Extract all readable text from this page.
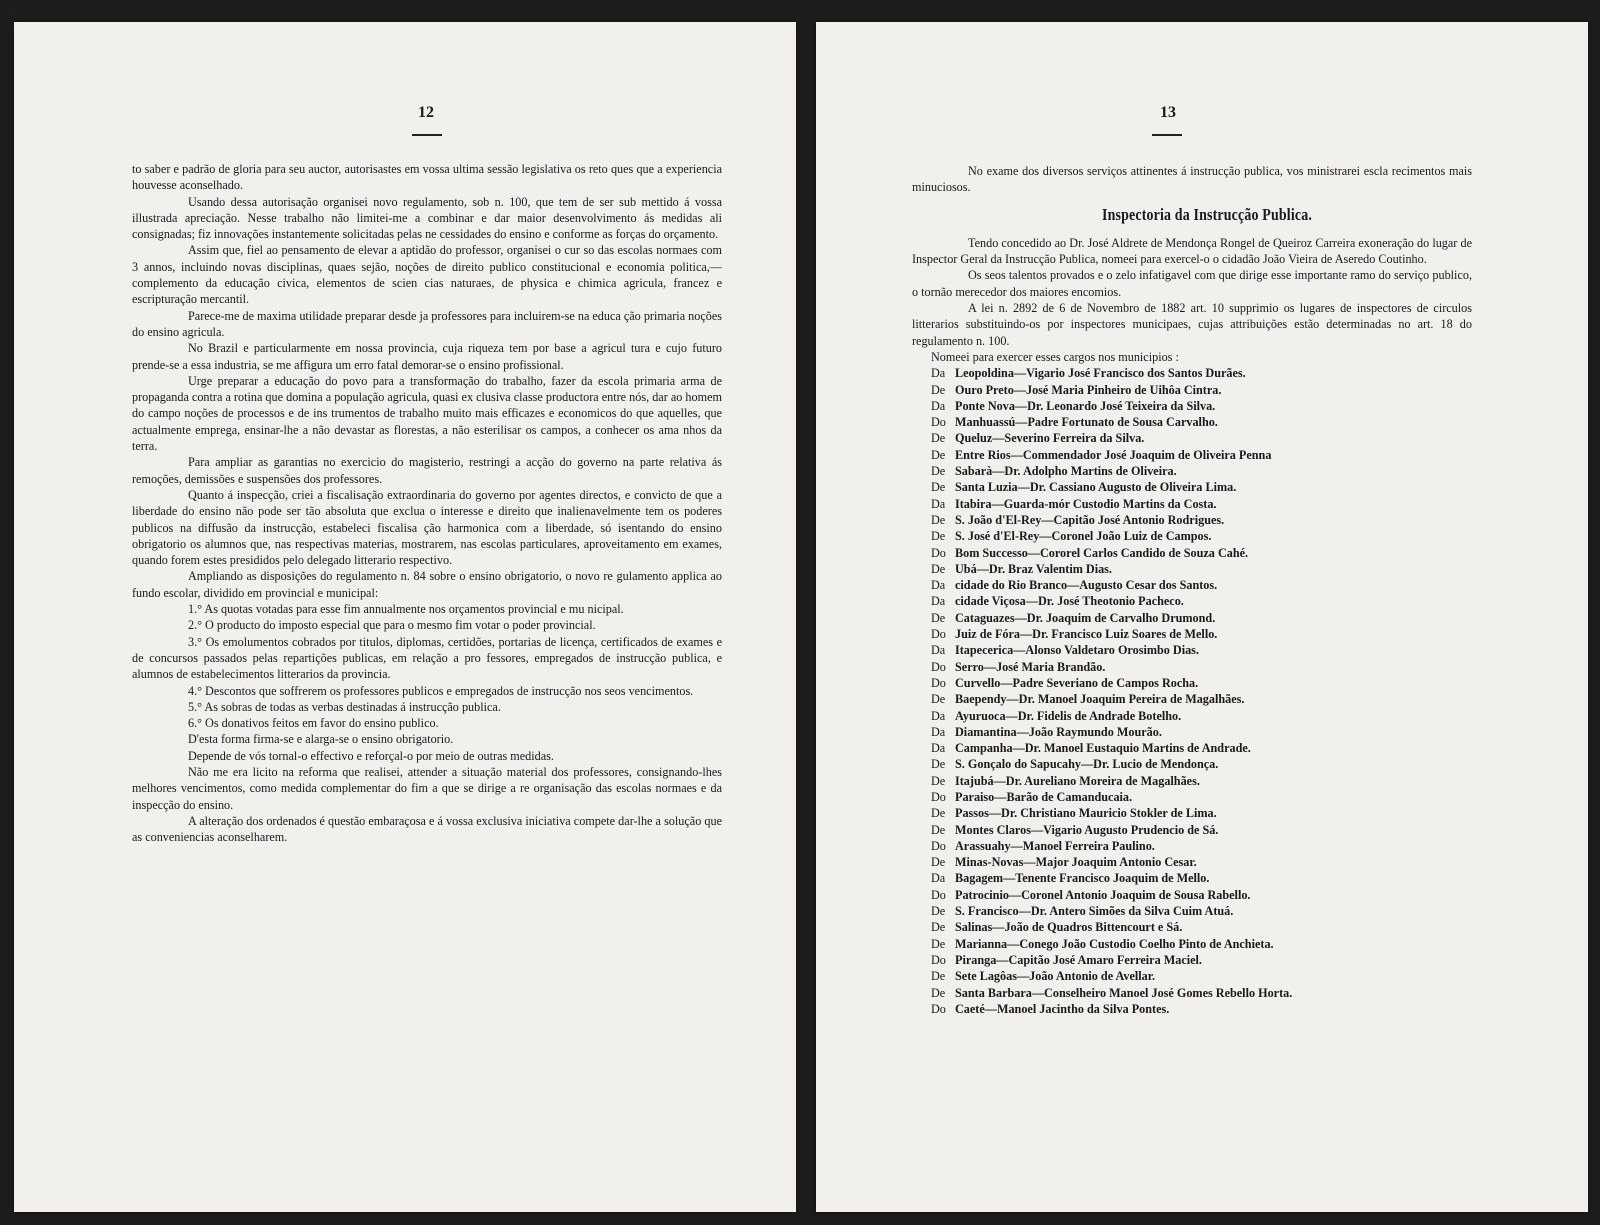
12

to saber e padrão de gloria para seu auctor, autorisastes em vossa ultima sessão legislativa os reto ques que a experiencia houvesse aconselhado.

Usando dessa autorisação organisei novo regulamento, sob n. 100, que tem de ser sub mettido á vossa illustrada apreciação. Nesse trabalho não limitei-me a combinar e dar maior desenvolvimento ás medidas ali consignadas; fiz innovações instantemente solicitadas pelas ne cessidades do ensino e conforme as forças do orçamento.

Assim que, fiel ao pensamento de elevar a aptidão do professor, organisei o cur so das escolas normaes com 3 annos, incluindo novas disciplinas, quaes sejão, noções de direito publico constitucional e economia politica,—complemento da educação civica, elementos de scien cias naturaes, de physica e chimica agricula, francez e escripturação mercantil.

Parece-me de maxima utilidade preparar desde ja professores para incluirem-se na educa ção primaria noções do ensino agricula.

No Brazil e particularmente em nossa provincia, cuja riqueza tem por base a agricul tura e cujo futuro prende-se a essa industria, se me affigura um erro fatal demorar-se o ensino profissional.

Urge preparar a educação do povo para a transformação do trabalho, fazer da escola primaria arma de propaganda contra a rotina que domina a população agricula, quasi ex clusiva classe productora entre nós, dar ao homem do campo noções de processos e de ins trumentos de trabalho muito mais efficazes e economicos do que aquelles, que actualmente emprega, ensinar-lhe a não devastar as florestas, a não esterilisar os campos, a conhecer os ama nhos da terra.

Para ampliar as garantias no exercicio do magisterio, restringi a acção do governo na parte relativa ás remoções, demissões e suspensões dos professores.

Quanto á inspecção, criei a fiscalisação extraordinaria do governo por agentes directos, e convicto de que a liberdade do ensino não pode ser tão absoluta que exclua o interesse e direito que inalienavelmente tem os poderes publicos na diffusão da instrucção, estabeleci fiscalisa ção harmonica com a liberdade, só isentando do ensino obrigatorio os alumnos que, nas respectivas materias, mostrarem, nas escolas particulares, aproveitamento em exames, quando forem estes presididos pelo delegado litterario respectivo.

Ampliando as disposições do regulamento n. 84 sobre o ensino obrigatorio, o novo re gulamento applica ao fundo escolar, dividido em provincial e municipal:

1.° As quotas votadas para esse fim annualmente nos orçamentos provincial e mu nicipal.

2.° O producto do imposto especial que para o mesmo fim votar o poder provincial.

3.° Os emolumentos cobrados por titulos, diplomas, certidões, portarias de licença, certificados de exames e de concursos passados pelas repartições publicas, em relação a pro fessores, empregados de instrucção publica, e alumnos de estabelecimentos litterarios da provincia.

4.° Descontos que soffrerem os professores publicos e empregados de instrucção nos seos vencimentos.

5.° As sobras de todas as verbas destinadas á instrucção publica.

6.° Os donativos feitos em favor do ensino publico.

D'esta forma firma-se e alarga-se o ensino obrigatorio.

Depende de vós tornal-o effectivo e reforçal-o por meio de outras medidas.

Não me era licito na reforma que realisei, attender a situação material dos professores, consignando-lhes melhores vencimentos, como medida complementar do fim a que se dirige a re organisação das escolas normaes e da inspecção do ensino.

A alteração dos ordenados é questão embaraçosa e á vossa exclusiva iniciativa compete dar-lhe a solução que as conveniencias aconselharem.

13

No exame dos diversos serviços attinentes á instrucção publica, vos ministrarei escla recimentos mais minuciosos.

Inspectoria da Instrucção Publica.

Tendo concedido ao Dr. José Aldrete de Mendonça Rongel de Queiroz Carreira exoneração do lugar de Inspector Geral da Instrucção Publica, nomeei para exercel-o o cidadão João Vieira de Aseredo Coutinho.

Os seos talentos provados e o zelo infatigavel com que dirige esse importante ramo do serviço publico, o tornão merecedor dos maiores encomios.

A lei n. 2892 de 6 de Novembro de 1882 art. 10 supprimio os lugares de inspectores de circulos litterarios substituindo-os por inspectores municipaes, cujas attribuições estão determinadas no art. 18 do regulamento n. 100.

Nomeei para exercer esses cargos nos municipios :

Da Leopoldina—Vigario José Francisco dos Santos Durães.
De Ouro Preto—José Maria Pinheiro de Uihôa Cintra.
Da Ponte Nova—Dr. Leonardo José Teixeira da Silva.
Do Manhuassú—Padre Fortunato de Sousa Carvalho.
De Queluz—Severino Ferreira da Silva.
De Entre Rios—Commendador José Joaquim de Oliveira Penna
De Sabarà—Dr. Adolpho Martins de Oliveira.
De Santa Luzia—Dr. Cassiano Augusto de Oliveira Lima.
Da Itabira—Guarda-mór Custodio Martins da Costa.
De S. João d'El-Rey—Capitão José Antonio Rodrigues.
De S. José d'El-Rey—Coronel João Luiz de Campos.
Do Bom Successo—Cororel Carlos Candido de Souza Cahé.
De Ubá—Dr. Braz Valentim Dias.
Da cidade do Rio Branco—Augusto Cesar dos Santos.
Da cidade Viçosa—Dr. José Theotonio Pacheco.
De Cataguazes—Dr. Joaquim de Carvalho Drumond.
Do Juiz de Fóra—Dr. Francisco Luiz Soares de Mello.
Da Itapecerica—Alonso Valdetaro Orosimbo Dias.
Do Serro—José Maria Brandão.
Do Curvello—Padre Severiano de Campos Rocha.
De Baependy—Dr. Manoel Joaquim Pereira de Magalhães.
Da Ayuruoca—Dr. Fidelis de Andrade Botelho.
Da Diamantina—João Raymundo Mourão.
Da Campanha—Dr. Manoel Eustaquio Martins de Andrade.
De S. Gonçalo do Sapucahy—Dr. Lucio de Mendonça.
De Itajubá—Dr. Aureliano Moreira de Magalhães.
Do Paraiso—Barão de Camanducaia.
De Passos—Dr. Christiano Mauricio Stokler de Lima.
De Montes Claros—Vigario Augusto Prudencio de Sá.
Do Arassuahy—Manoel Ferreira Paulino.
De Minas-Novas—Major Joaquim Antonio Cesar.
Da Bagagem—Tenente Francisco Joaquim de Mello.
Do Patrocinio—Coronel Antonio Joaquim de Sousa Rabello.
De S. Francisco—Dr. Antero Simões da Silva Cuim Atuá.
De Salinas—João de Quadros Bittencourt e Sá.
De Marianna—Conego João Custodio Coelho Pinto de Anchieta.
Do Piranga—Capitão José Amaro Ferreira Maciel.
De Sete Lagôas—João Antonio de Avellar.
De Santa Barbara—Conselheiro Manoel José Gomes Rebello Horta.
Do Caeté—Manoel Jacintho da Silva Pontes.
